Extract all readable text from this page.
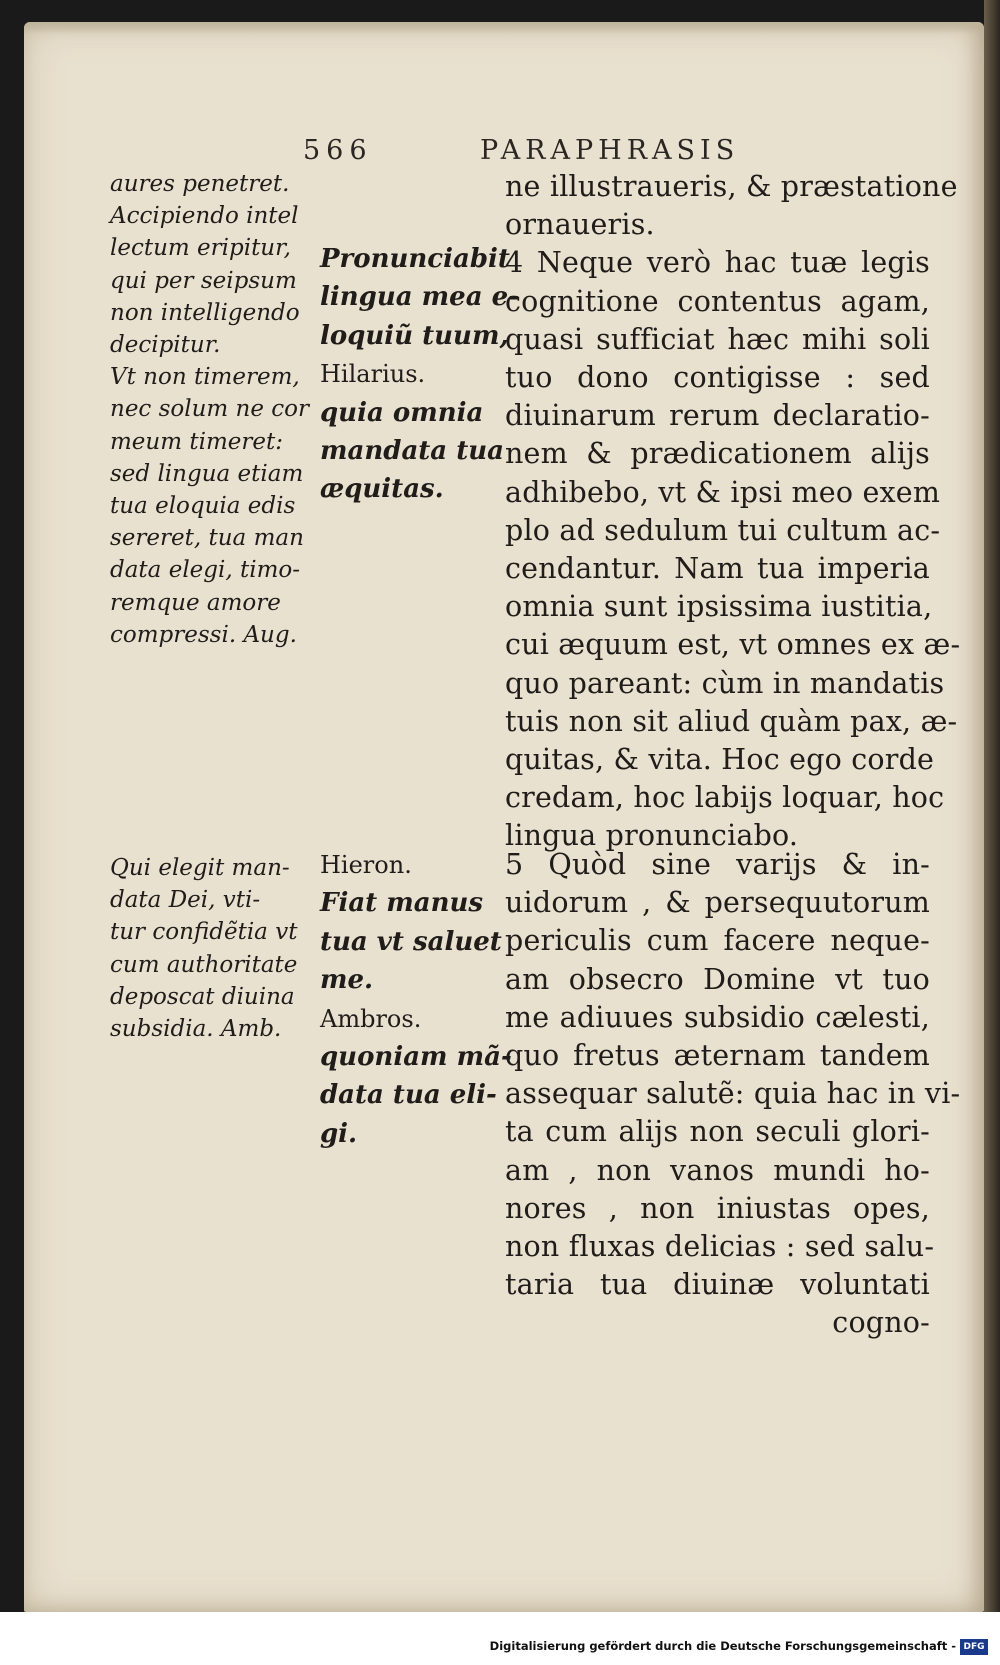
566	PARAPHRASIS
aures penetret.
Accipiendo intel
lectum eripitur,
qui per seipsum
non intelligendo
decipitur.
Vt non timerem,
nec solum ne cor
meum timeret:
sed lingua etiam
tua eloquia edis
sereret, tua man
data elegi, timo-
remque amore
compressi. Aug.
Pronunciabit
lingua mea e-
loquiũ tuum,
Hilarius.
quia omnia
mandata tua
æquitas.
ne illustraueris, & præstatione
ornaueris.
4 Neque verò hac tuæ legis
cognitione contentus agam,
quasi sufficiat hæc mihi soli
tuo dono contigisse : sed
diuinarum rerum declaratio-
nem & prædicationem alijs
adhibebo, vt & ipsi meo exem
plo ad sedulum tui cultum ac-
cendantur. Nam tua imperia
omnia sunt ipsissima iustitia,
cui æquum est, vt omnes ex æ-
quo pareant: cùm in mandatis
tuis non sit aliud quàm pax, æ-
quitas, & vita. Hoc ego corde
credam, hoc labijs loquar, hoc
lingua pronunciabo.
Qui elegit man-
data Dei, vti-
tur confidẽtia vt
cum authoritate
deposcat diuina
subsidia. Amb.
Hieron.
Fiat manus
tua vt saluet
me.
Ambros.
quoniam mã-
data tua eli-
gi.
5 Quòd sine varijs & in-
uidorum , & persequutorum
periculis cum facere neque-
am obsecro Domine vt tuo
me adiuues subsidio cælesti,
quo fretus æternam tandem
assequar salutẽ: quia hac in vi-
ta cum alijs non seculi glori-
am , non vanos mundi ho-
nores , non iniustas opes,
non fluxas delicias : sed salu-
taria tua diuinæ voluntati
cogno-
Digitalisierung gefördert durch die Deutsche Forschungsgemeinschaft - DFG
